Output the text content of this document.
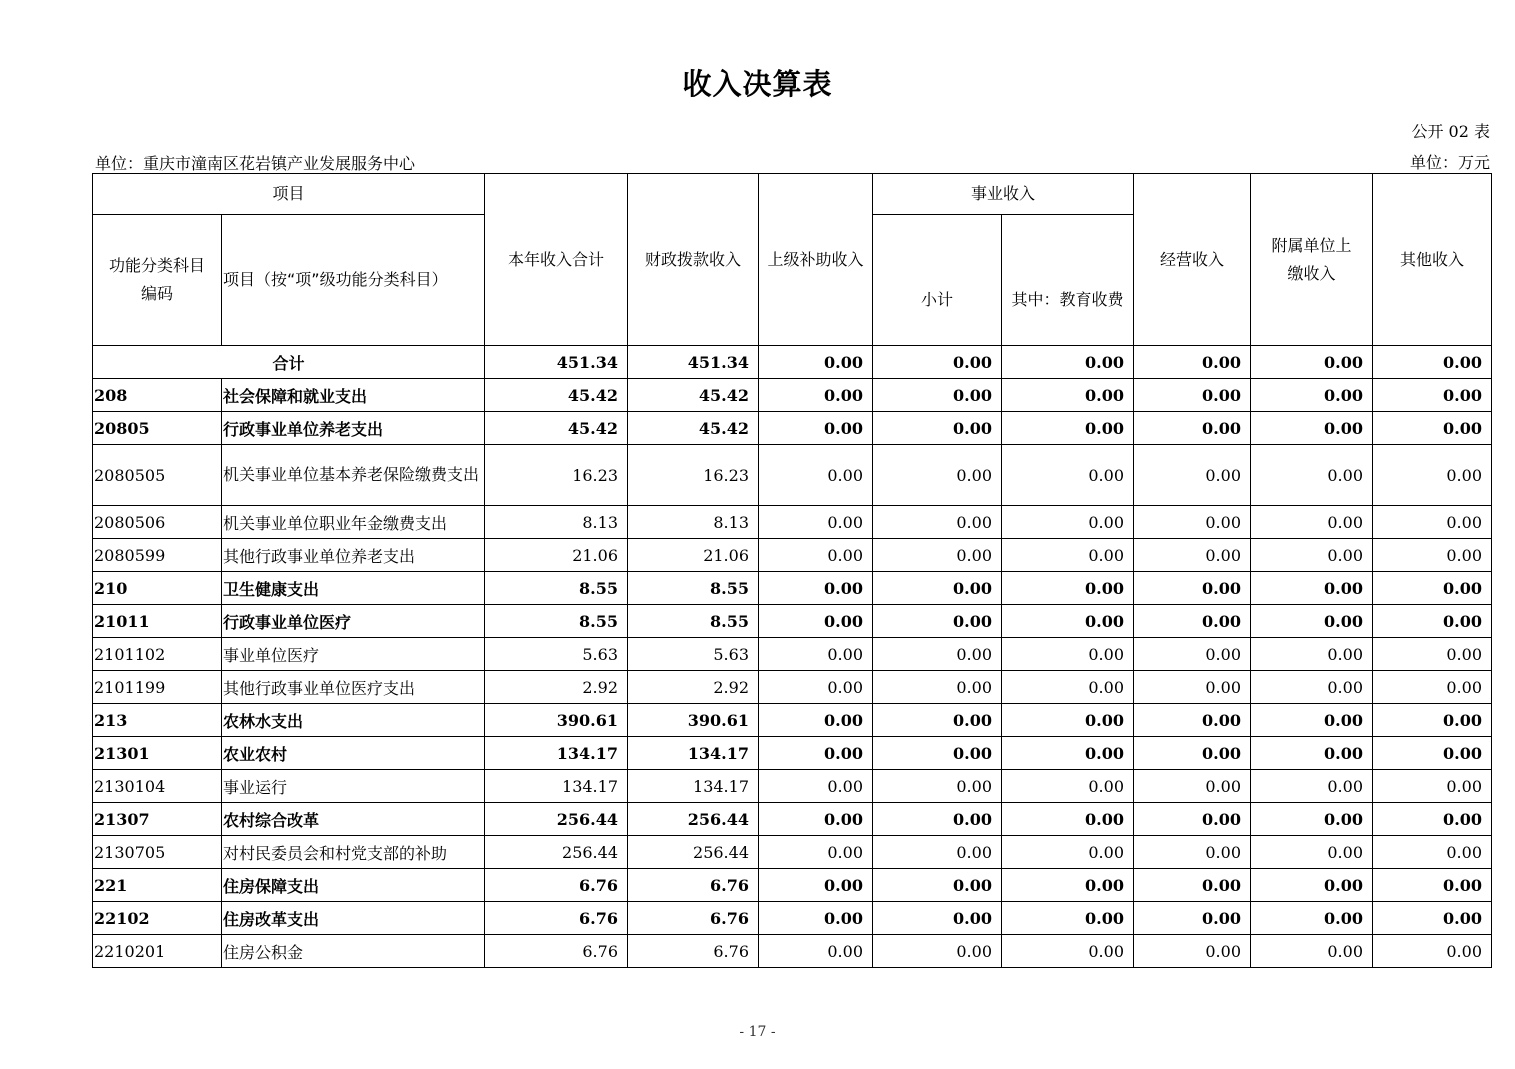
收入决算表
公开 02 表
单位：重庆市潼南区花岩镇产业发展服务中心	单位：万元
项目		本年收入合计	财政拨款收入	上级补助收入	事业收入		经营收入	附属单位上缴收入	其他收入
功能分类科目编码	项目（按“项”级功能分类科目）				小计	其中：教育收费			
合计		451.34	451.34	0.00	0.00	0.00	0.00	0.00	0.00
208	社会保障和就业支出	45.42	45.42	0.00	0.00	0.00	0.00	0.00	0.00
20805	行政事业单位养老支出	45.42	45.42	0.00	0.00	0.00	0.00	0.00	0.00
2080505	机关事业单位基本养老保险缴费支出	16.23	16.23	0.00	0.00	0.00	0.00	0.00	0.00
2080506	机关事业单位职业年金缴费支出	8.13	8.13	0.00	0.00	0.00	0.00	0.00	0.00
2080599	其他行政事业单位养老支出	21.06	21.06	0.00	0.00	0.00	0.00	0.00	0.00
210	卫生健康支出	8.55	8.55	0.00	0.00	0.00	0.00	0.00	0.00
21011	行政事业单位医疗	8.55	8.55	0.00	0.00	0.00	0.00	0.00	0.00
2101102	事业单位医疗	5.63	5.63	0.00	0.00	0.00	0.00	0.00	0.00
2101199	其他行政事业单位医疗支出	2.92	2.92	0.00	0.00	0.00	0.00	0.00	0.00
213	农林水支出	390.61	390.61	0.00	0.00	0.00	0.00	0.00	0.00
21301	农业农村	134.17	134.17	0.00	0.00	0.00	0.00	0.00	0.00
2130104	事业运行	134.17	134.17	0.00	0.00	0.00	0.00	0.00	0.00
21307	农村综合改革	256.44	256.44	0.00	0.00	0.00	0.00	0.00	0.00
2130705	对村民委员会和村党支部的补助	256.44	256.44	0.00	0.00	0.00	0.00	0.00	0.00
221	住房保障支出	6.76	6.76	0.00	0.00	0.00	0.00	0.00	0.00
22102	住房改革支出	6.76	6.76	0.00	0.00	0.00	0.00	0.00	0.00
2210201	住房公积金	6.76	6.76	0.00	0.00	0.00	0.00	0.00	0.00
- 17 -
